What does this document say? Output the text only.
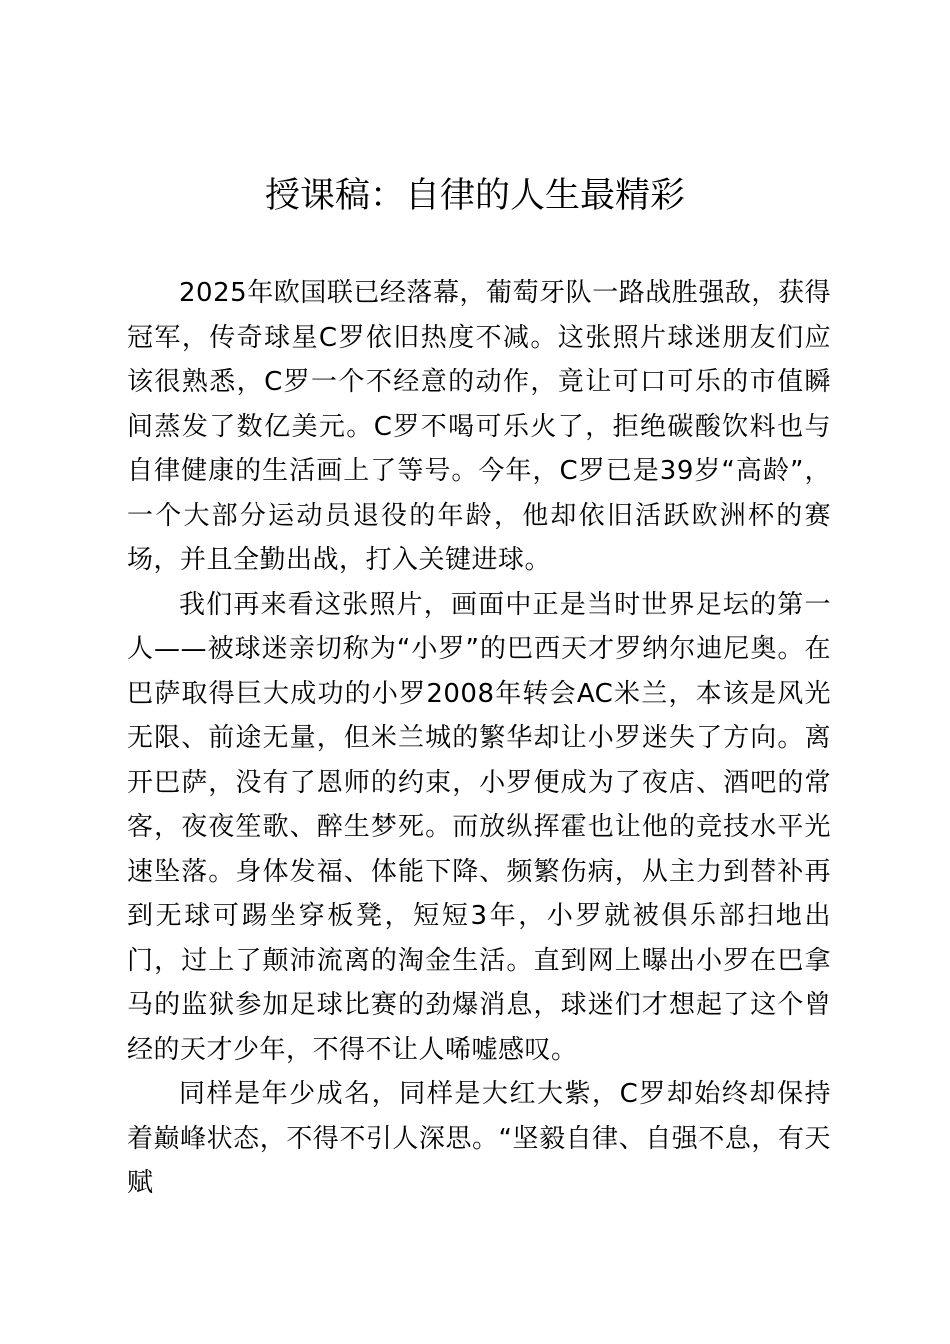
授课稿：自律的人生最精彩

2025年欧国联已经落幕，葡萄牙队一路战胜强敌，获得冠军，传奇球星C罗依旧热度不减。这张照片球迷朋友们应该很熟悉，C罗一个不经意的动作，竟让可口可乐的市值瞬间蒸发了数亿美元。C罗不喝可乐火了，拒绝碳酸饮料也与自律健康的生活画上了等号。今年，C罗已是39岁“高龄”，一个大部分运动员退役的年龄，他却依旧活跃欧洲杯的赛场，并且全勤出战，打入关键进球。

我们再来看这张照片，画面中正是当时世界足坛的第一人——被球迷亲切称为“小罗”的巴西天才罗纳尔迪尼奥。在巴萨取得巨大成功的小罗2008年转会AC米兰，本该是风光无限、前途无量，但米兰城的繁华却让小罗迷失了方向。离开巴萨，没有了恩师的约束，小罗便成为了夜店、酒吧的常客，夜夜笙歌、醉生梦死。而放纵挥霍也让他的竞技水平光速坠落。身体发福、体能下降、频繁伤病，从主力到替补再到无球可踢坐穿板凳，短短3年，小罗就被俱乐部扫地出门，过上了颠沛流离的淘金生活。直到网上曝出小罗在巴拿马的监狱参加足球比赛的劲爆消息，球迷们才想起了这个曾经的天才少年，不得不让人唏嘘感叹。

同样是年少成名，同样是大红大紫，C罗却始终却保持着巅峰状态，不得不引人深思。“坚毅自律、自强不息，有天赋
